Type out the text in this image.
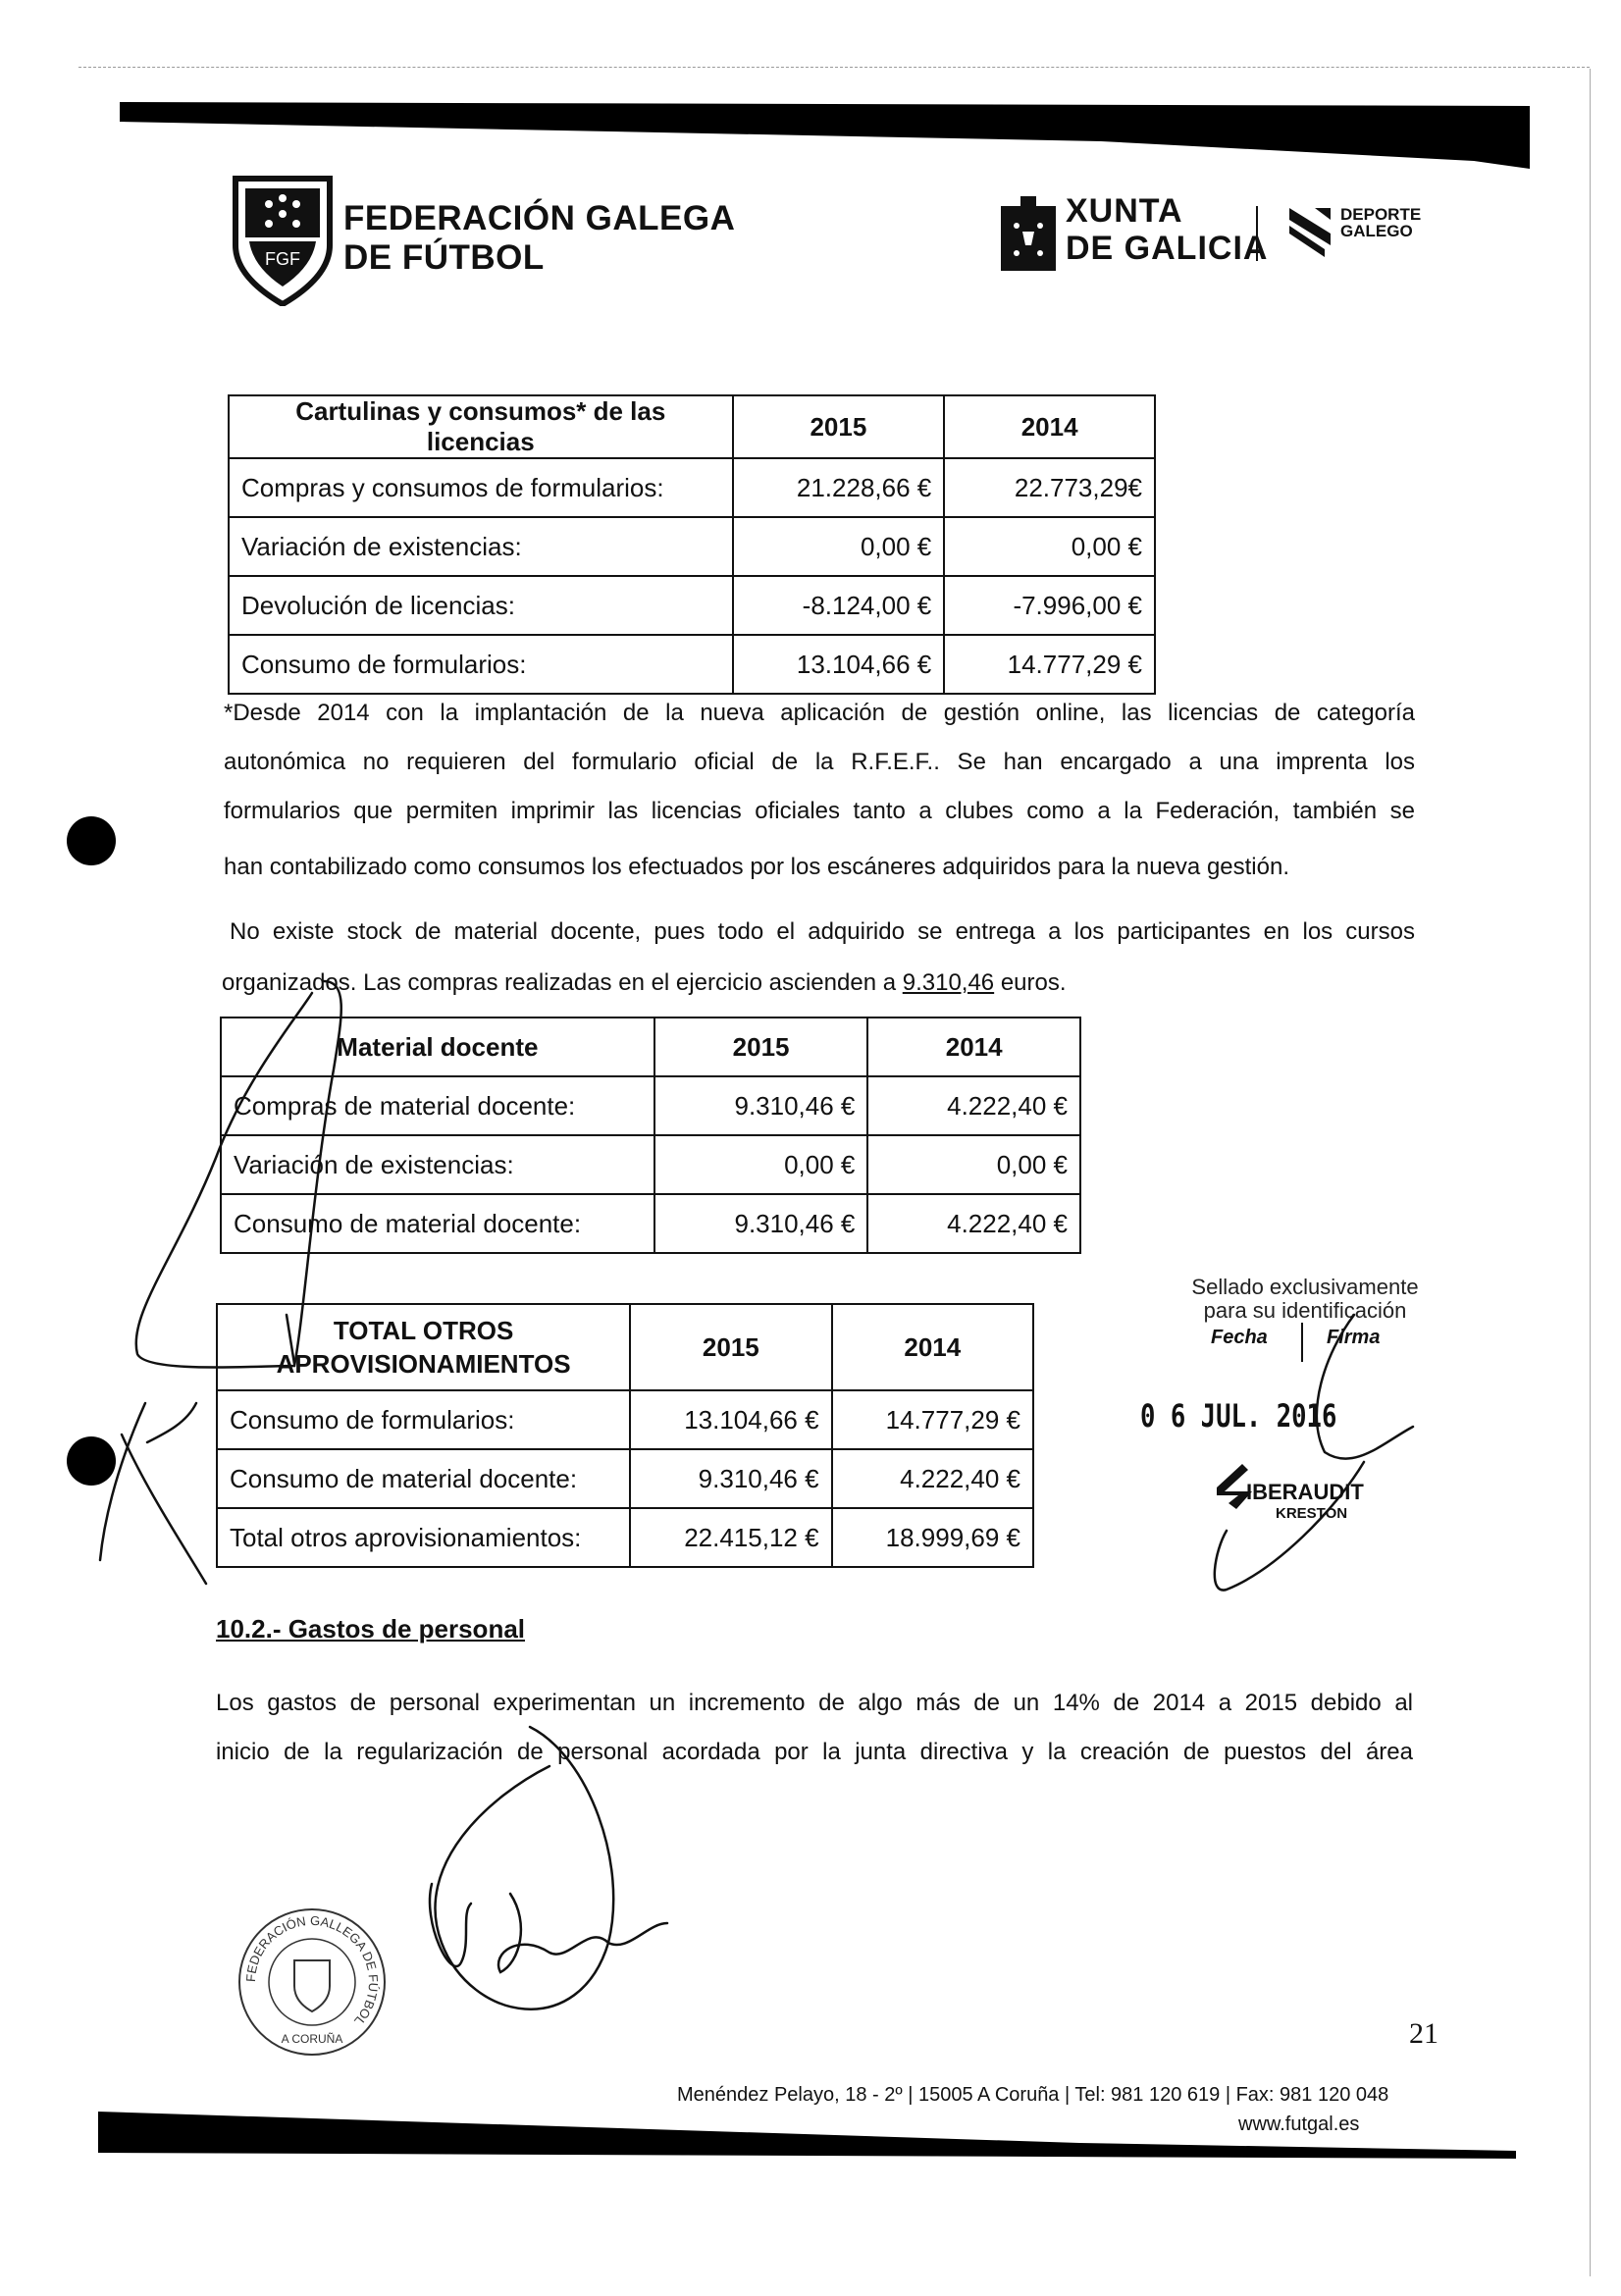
FGF
FEDERACIÓN GALEGA
DE FÚTBOL
XUNTA
DE GALICIA
DEPORTE
GALEGO
Cartulinas y consumos* de las licencias	2015	2014
Compras y consumos de formularios:	21.228,66 €	22.773,29€
Variación de existencias:	0,00 €	0,00 €
Devolución de licencias:	-8.124,00 €	-7.996,00 €
Consumo de formularios:	13.104,66 €	14.777,29 €
*Desde 2014 con la implantación de la nueva aplicación de gestión online, las licencias de categoría
autonómica no requieren del formulario oficial de la R.F.E.F.. Se han encargado a una imprenta los
formularios que permiten imprimir las licencias oficiales tanto a clubes como a la Federación, también se
han contabilizado como consumos los efectuados por los escáneres adquiridos para la nueva gestión.
No existe stock de material docente, pues todo el adquirido se entrega a los participantes en los cursos
organizados. Las compras realizadas en el ejercicio ascienden a 9.310,46 euros.
Material docente	2015	2014
Compras de material docente:	9.310,46 €	4.222,40 €
Variación de existencias:	0,00 €	0,00 €
Consumo de material docente:	9.310,46 €	4.222,40 €
TOTAL OTROS
APROVISIONAMIENTOS	2015	2014
Consumo de formularios:	13.104,66 €	14.777,29 €
Consumo de material docente:	9.310,46 €	4.222,40 €
Total otros aprovisionamientos:	22.415,12 €	18.999,69 €
Sellado exclusivamente
para su identificación
Fecha	Firma
0 6 JUL. 2016
IBERAUDIT
KRESTON
10.2.- Gastos de personal
Los gastos de personal experimentan un incremento de algo más de un 14% de 2014 a 2015 debido al
inicio de la regularización de personal acordada por la junta directiva y la creación de puestos del área
FEDERACIÓN GALLEGA DE FÚTBOL
A CORUÑA	21
Menéndez Pelayo, 18 - 2º | 15005 A Coruña | Tel: 981 120 619 | Fax: 981 120 048
www.futgal.es
